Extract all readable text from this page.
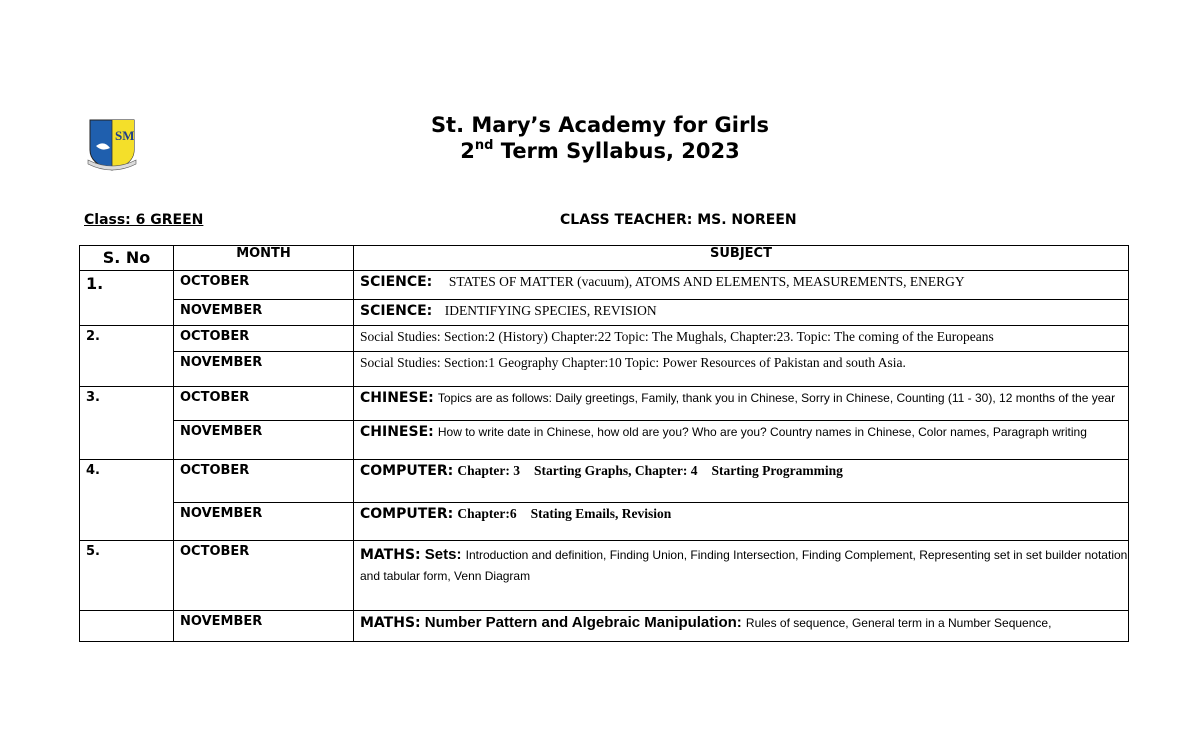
SM	St. Mary’s Academy for Girls
2nd Term Syllabus, 2023
Class: 6 GREEN	CLASS TEACHER: MS. NOREEN
S. No	MONTH	SUBJECT
1.	OCTOBER	SCIENCE: STATES OF MATTER (vacuum), ATOMS AND ELEMENTS, MEASUREMENTS, ENERGY
	NOVEMBER	SCIENCE: IDENTIFYING SPECIES, REVISION
2.	OCTOBER	Social Studies: Section:2 (History) Chapter:22 Topic: The Mughals, Chapter:23. Topic: The coming of the Europeans
	NOVEMBER	Social Studies: Section:1 Geography Chapter:10 Topic: Power Resources of Pakistan and south Asia.
3.	OCTOBER	CHINESE: Topics are as follows: Daily greetings, Family, thank you in Chinese, Sorry in Chinese, Counting (11 - 30), 12 months of the year
	NOVEMBER	CHINESE: How to write date in Chinese, how old are you? Who are you? Country names in Chinese, Color names, Paragraph writing
4.	OCTOBER	COMPUTER: Chapter: 3 Starting Graphs, Chapter: 4 Starting Programming
	NOVEMBER	COMPUTER: Chapter:6 Stating Emails, Revision
5.	OCTOBER	MATHS: Sets: Introduction and definition, Finding Union, Finding Intersection, Finding Complement, Representing set in set builder notation and tabular form, Venn Diagram
	NOVEMBER	MATHS: Number Pattern and Algebraic Manipulation: Rules of sequence, General term in a Number Sequence,
